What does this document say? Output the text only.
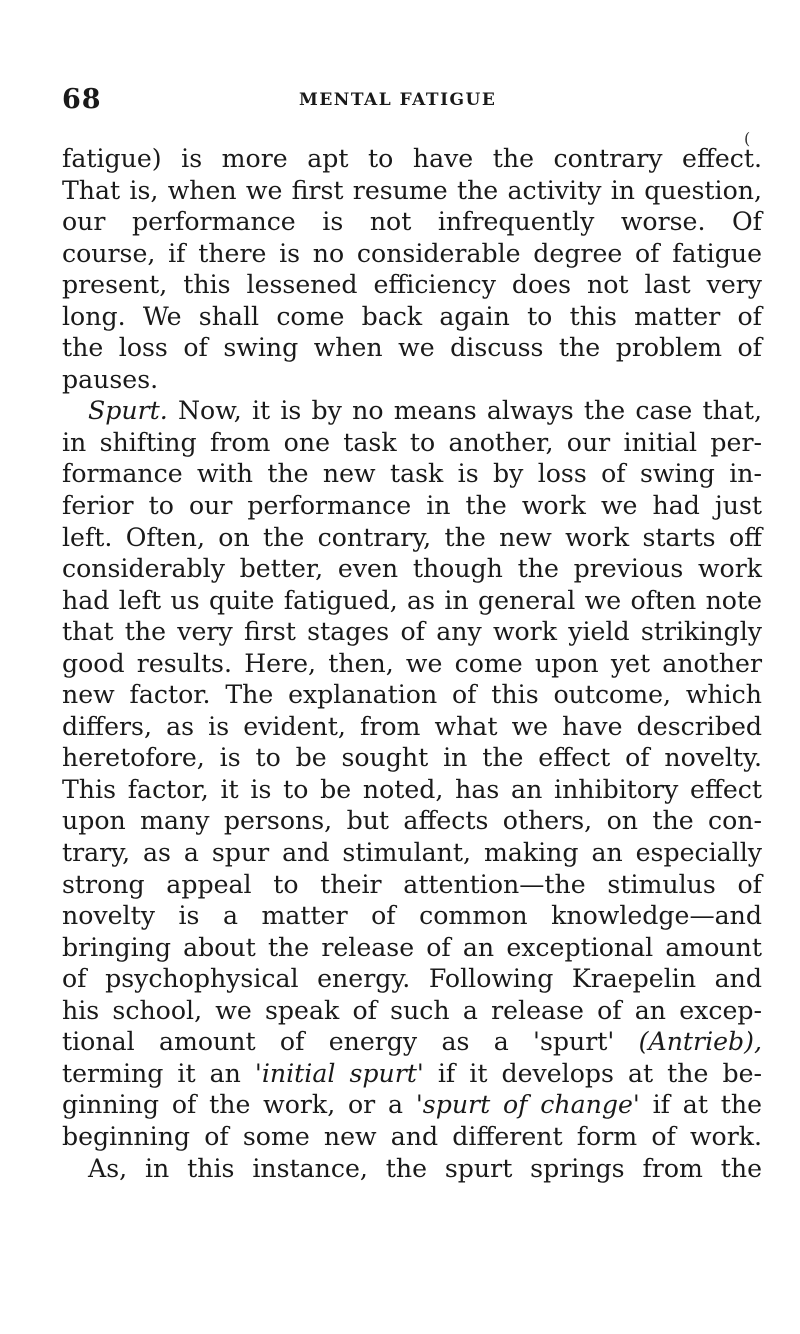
68	MENTAL FATIGUE
(
fatigue) is more apt to have the contrary effect.
That is, when we first resume the activity in question,
our performance is not infrequently worse. Of
course, if there is no considerable degree of fatigue
present, this lessened efficiency does not last very
long. We shall come back again to this matter of
the loss of swing when we discuss the problem of
pauses.
Spurt. Now, it is by no means always the case that,
in shifting from one task to another, our initial per-
formance with the new task is by loss of swing in-
ferior to our performance in the work we had just
left. Often, on the contrary, the new work starts off
considerably better, even though the previous work
had left us quite fatigued, as in general we often note
that the very first stages of any work yield strikingly
good results. Here, then, we come upon yet another
new factor. The explanation of this outcome, which
differs, as is evident, from what we have described
heretofore, is to be sought in the effect of novelty.
This factor, it is to be noted, has an inhibitory effect
upon many persons, but affects others, on the con-
trary, as a spur and stimulant, making an especially
strong appeal to their attention—the stimulus of
novelty is a matter of common knowledge—and
bringing about the release of an exceptional amount
of psychophysical energy. Following Kraepelin and
his school, we speak of such a release of an excep-
tional amount of energy as a 'spurt' (Antrieb),
terming it an 'initial spurt' if it develops at the be-
ginning of the work, or a 'spurt of change' if at the
beginning of some new and different form of work.
As, in this instance, the spurt springs from the
